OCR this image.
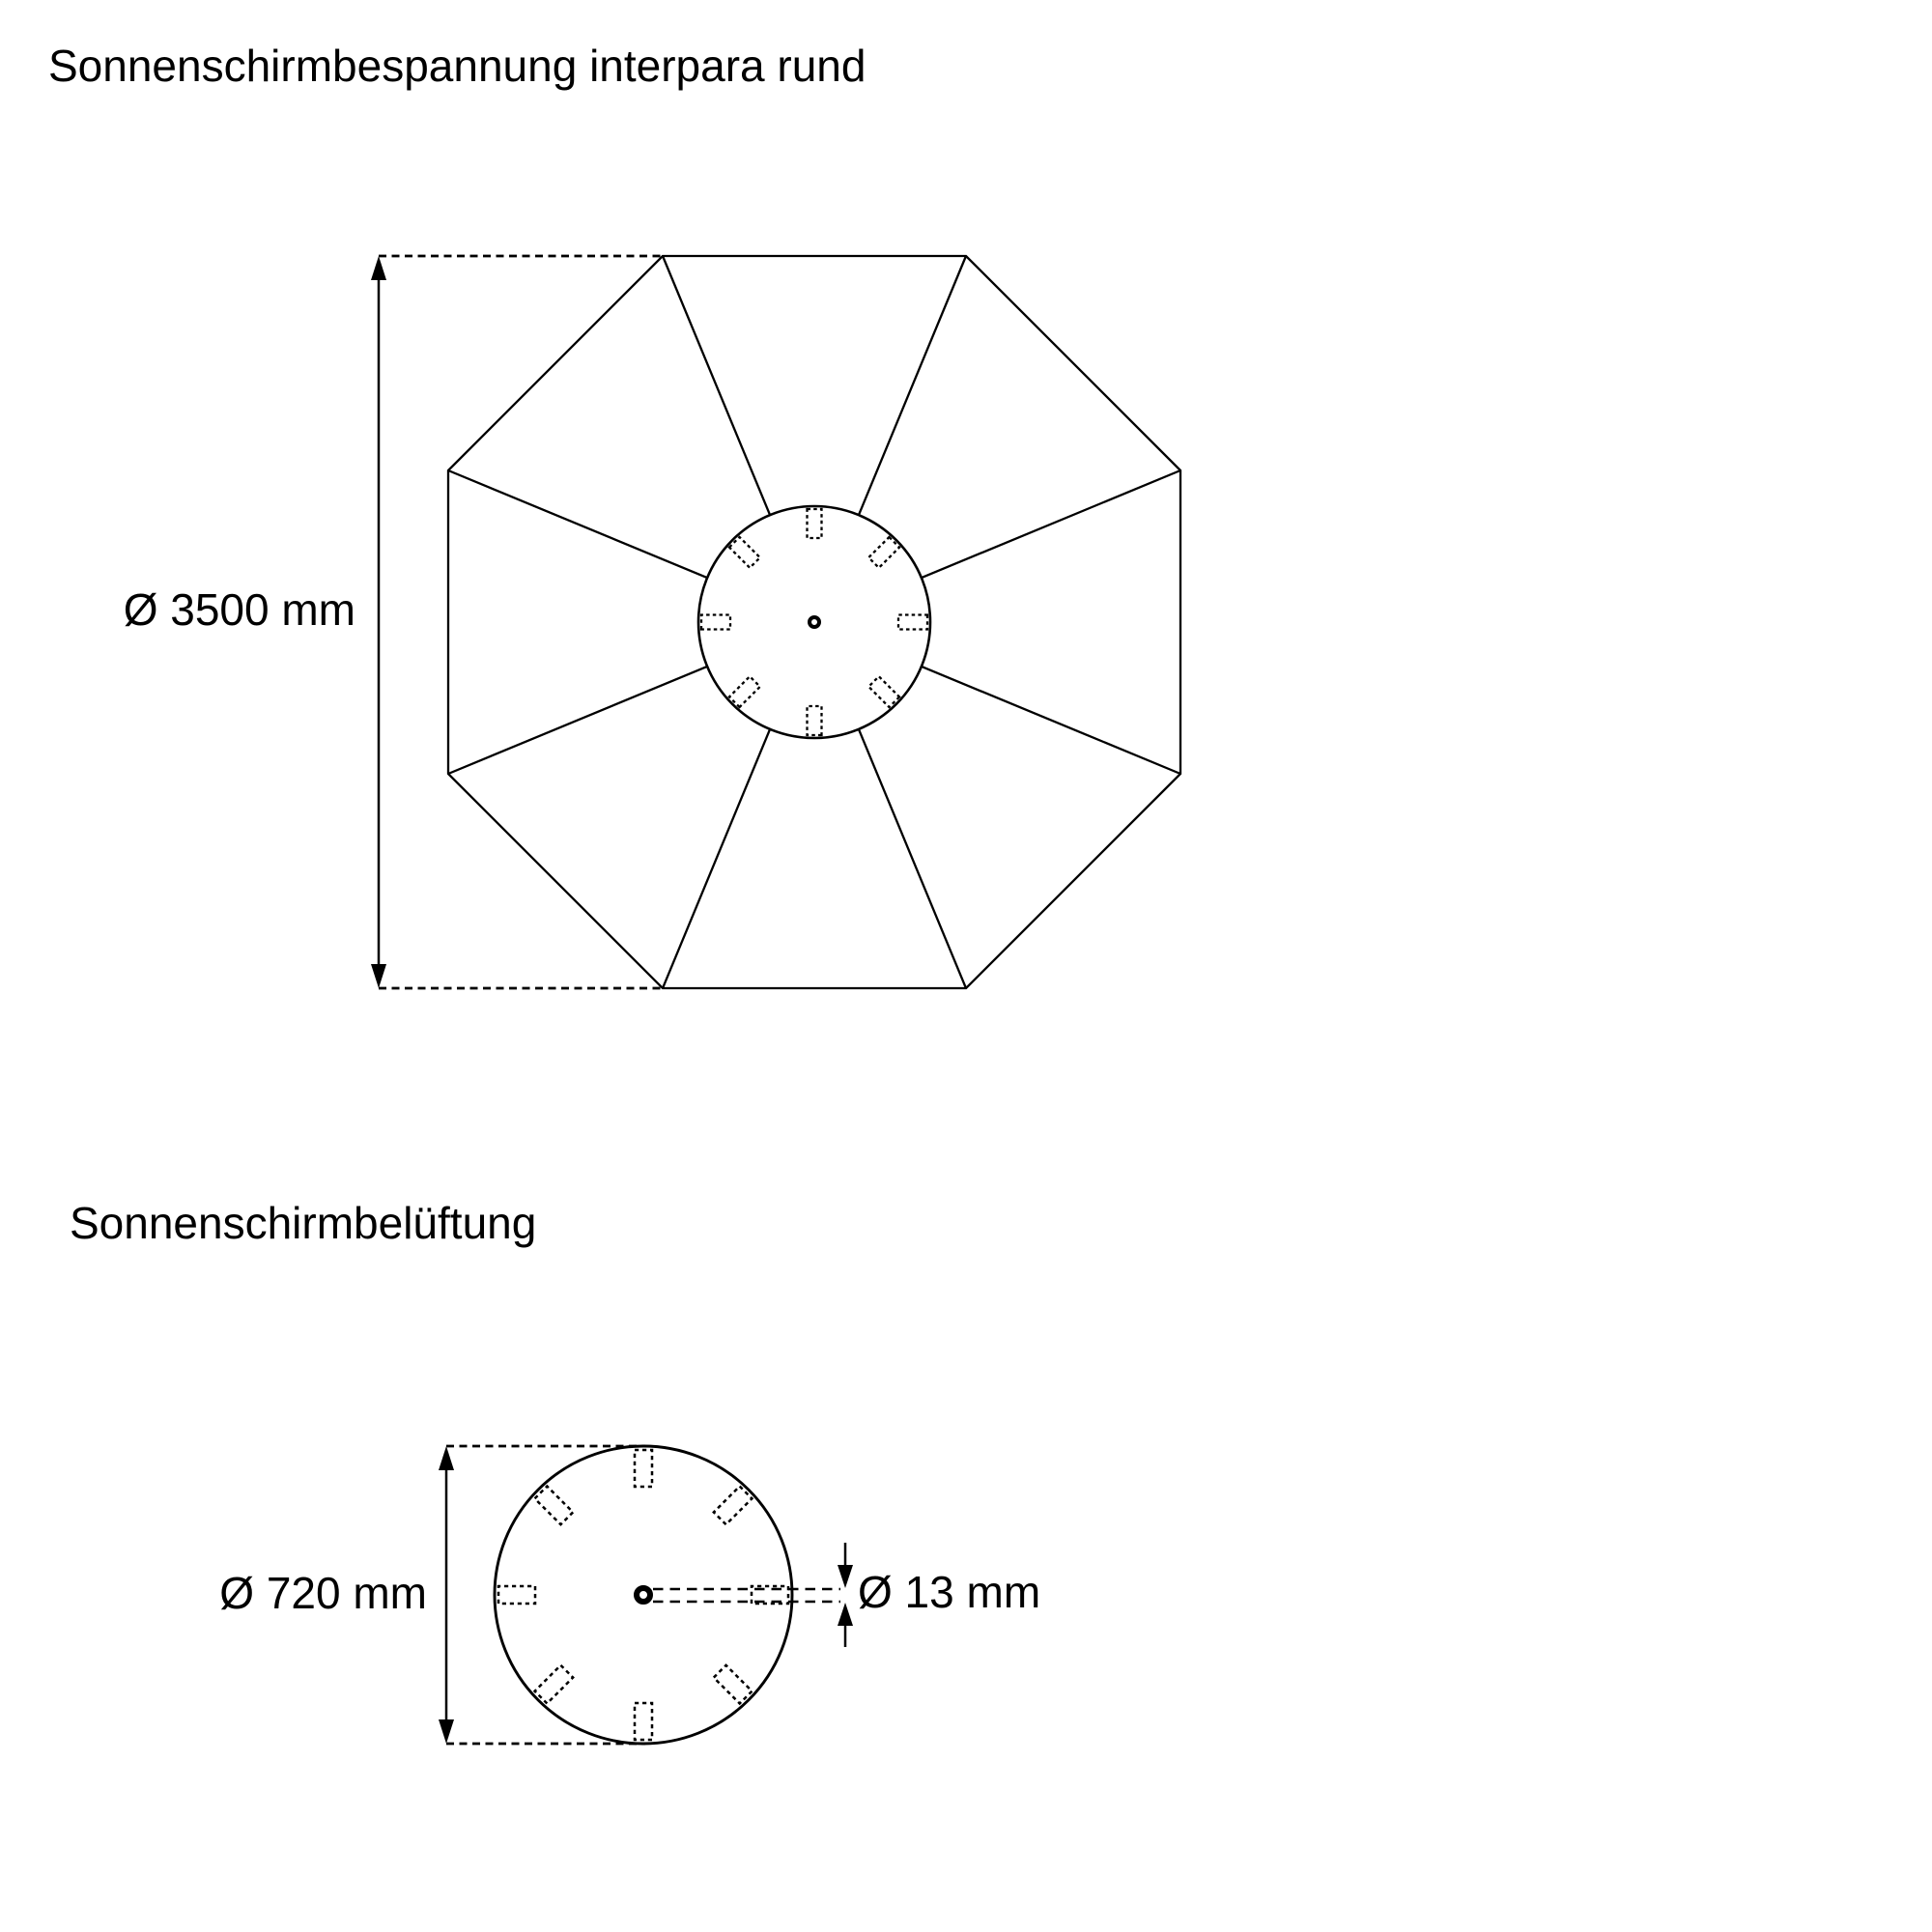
Sonnenschirmbespannung interpara rund
Sonnenschirmbelüftung
Ø 3500 mm
Ø 720 mm	Ø 13 mm
